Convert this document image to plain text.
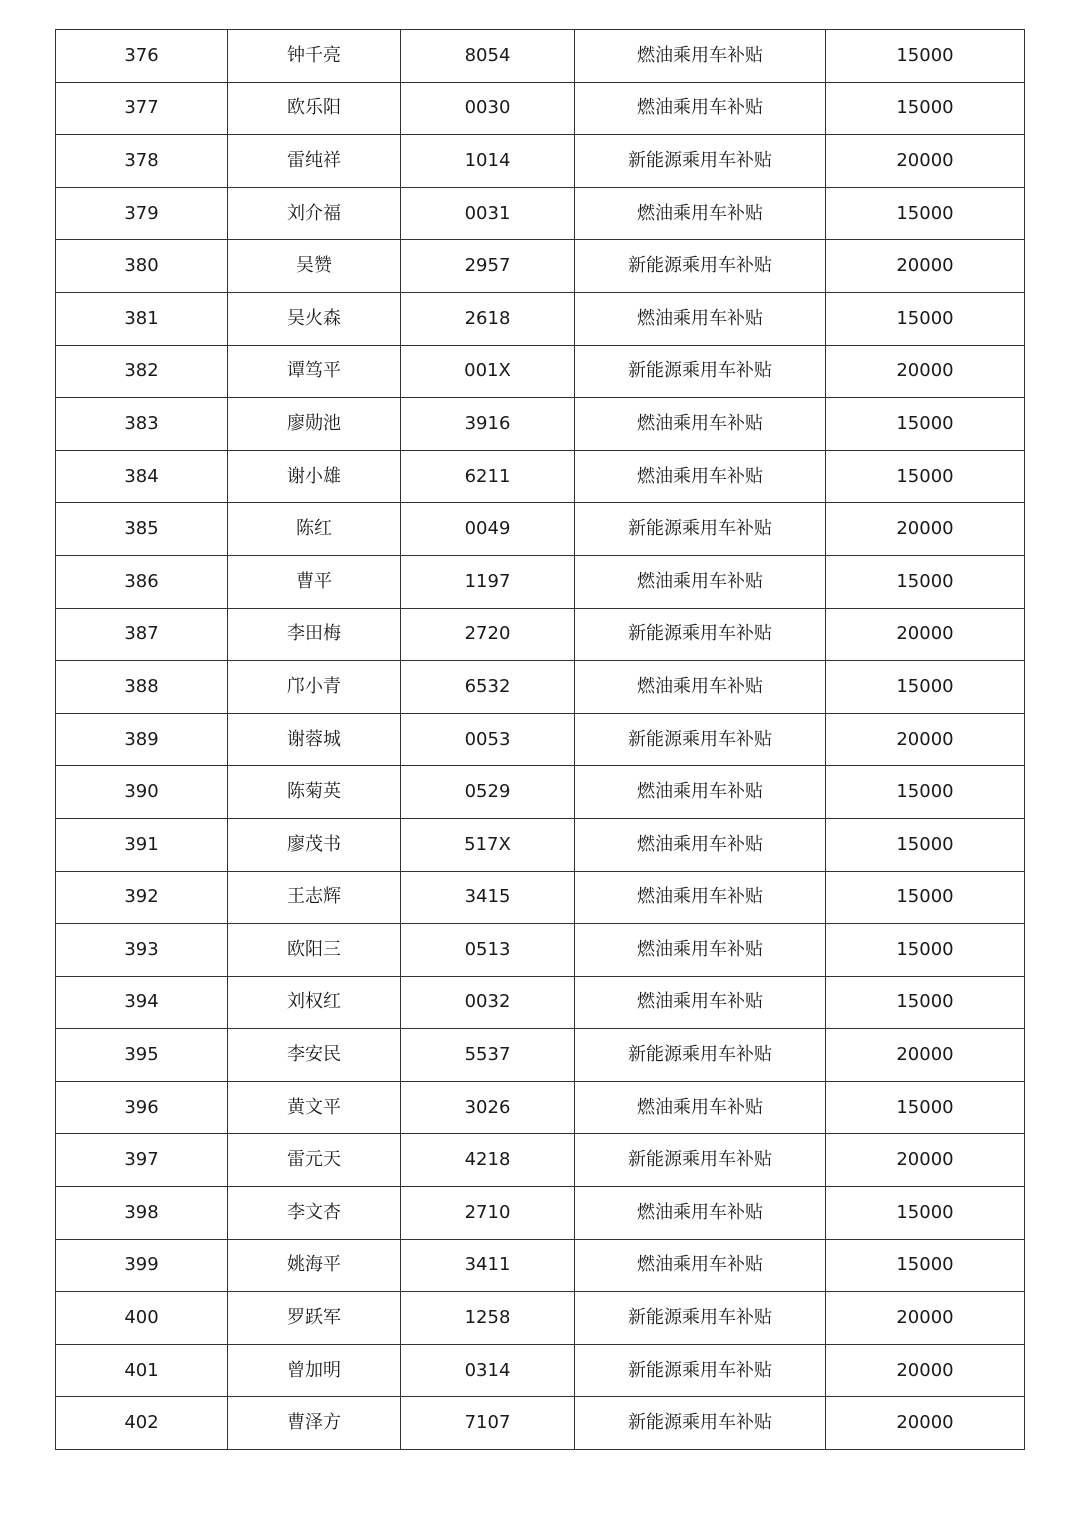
376	钟千亮	8054	燃油乘用车补贴	15000
377	欧乐阳	0030	燃油乘用车补贴	15000
378	雷纯祥	1014	新能源乘用车补贴	20000
379	刘介福	0031	燃油乘用车补贴	15000
380	吴赞	2957	新能源乘用车补贴	20000
381	吴火森	2618	燃油乘用车补贴	15000
382	谭笃平	001X	新能源乘用车补贴	20000
383	廖勋池	3916	燃油乘用车补贴	15000
384	谢小雄	6211	燃油乘用车补贴	15000
385	陈红	0049	新能源乘用车补贴	20000
386	曹平	1197	燃油乘用车补贴	15000
387	李田梅	2720	新能源乘用车补贴	20000
388	邝小青	6532	燃油乘用车补贴	15000
389	谢蓉城	0053	新能源乘用车补贴	20000
390	陈菊英	0529	燃油乘用车补贴	15000
391	廖茂书	517X	燃油乘用车补贴	15000
392	王志辉	3415	燃油乘用车补贴	15000
393	欧阳三	0513	燃油乘用车补贴	15000
394	刘权红	0032	燃油乘用车补贴	15000
395	李安民	5537	新能源乘用车补贴	20000
396	黄文平	3026	燃油乘用车补贴	15000
397	雷元天	4218	新能源乘用车补贴	20000
398	李文杏	2710	燃油乘用车补贴	15000
399	姚海平	3411	燃油乘用车补贴	15000
400	罗跃军	1258	新能源乘用车补贴	20000
401	曾加明	0314	新能源乘用车补贴	20000
402	曹泽方	7107	新能源乘用车补贴	20000
